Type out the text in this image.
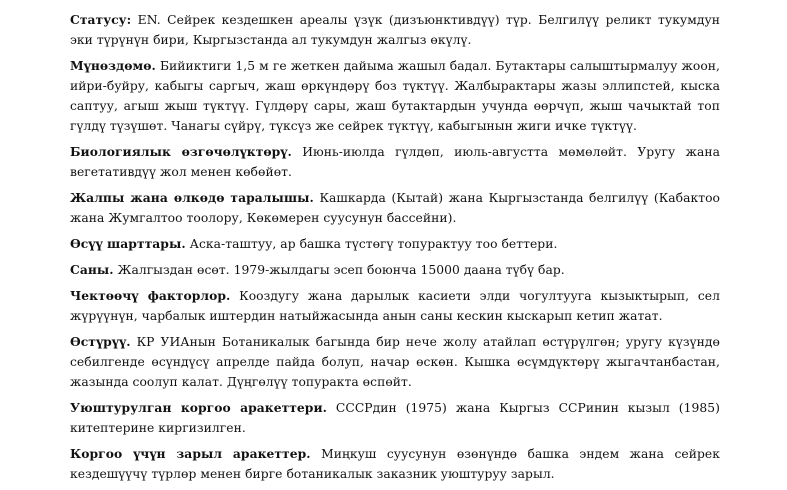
Статусу: EN. Сейрек кездешкен ареалы үзүк (дизъюнктивдүү) түр. Белгилүү реликт тукумдун эки түрүнүн бири, Кыргызстанда ал тукумдун жалгыз өкүлү.

Мүнөздөмө. Бийиктиги 1,5 м ге жеткен дайыма жашыл бадал. Бутактары салыштырмалуу жоон, ийри-буйру, кабыгы саргыч, жаш өркүндөрү боз түктүү. Жалбырактары жазы эллипстей, кыска саптуу, агыш жыш түктүү. Гүлдөрү сары, жаш бутактардын учунда өөрчүп, жыш чачыктай топ гүлдү түзүшөт. Чанагы сүйрү, түксүз же сейрек түктүү, кабыгынын жиги ичке түктүү.

Биологиялык өзгөчөлүктөрү. Июнь-июлда гүлдөп, июль-августта мөмөлөйт. Уругу жана вегетативдүү жол менен көбөйөт.

Жалпы жана өлкөдө таралышы. Кашкарда (Кытай) жана Кыргызстанда белгилүү (Кабактоо жана Жумгалтоо тоолору, Көкөмерен суусунун бассейни).

Өсүү шарттары. Аска-таштуу, ар башка түстөгү топурактуу тоо беттери.

Саны. Жалгыздан өсөт. 1979-жылдагы эсеп боюнча 15000 даана түбү бар.

Чектөөчү факторлор. Кооздугу жана дарылык касиети элди чогултууга кызыктырып, сел жүрүүнүн, чарбалык иштердин натыйжасында анын саны кескин кыскарып кетип жатат.

Өстүрүү. КР УИАнын Ботаникалык багында бир нече жолу атайлап өстүрүлгөн; уругу күзүндө себилгенде өсүндүсү апрелде пайда болуп, начар өскөн. Кышка өсүмдүктөрү жыгачтанбастан, жазында соолуп калат. Дүңгөлүү топуракта өспөйт.

Уюштурулган коргоо аракеттери. СССРдин (1975) жана Кыргыз ССРинин кызыл (1985) китептерине киргизилген.

Коргоо үчүн зарыл аракеттер. Миңкуш суусунун өзөнүндө башка эндем жана сейрек кездешүүчү түрлөр менен бирге ботаникалык заказник уюштуруу зарыл.
